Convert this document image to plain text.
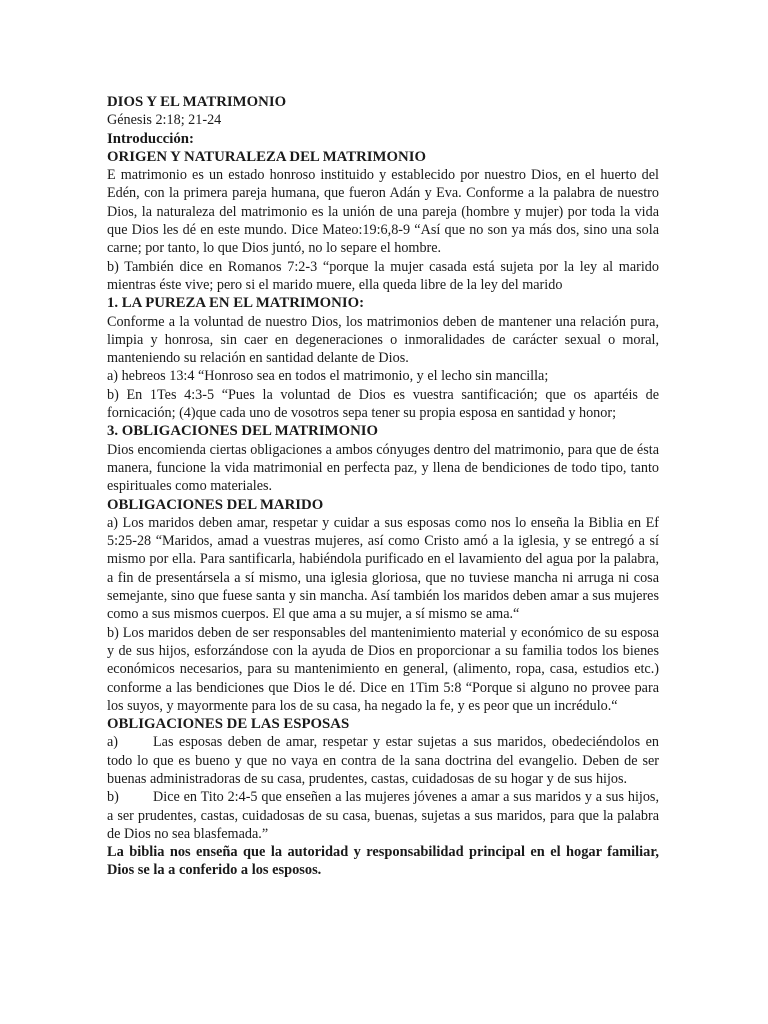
DIOS Y EL MATRIMONIO
Génesis 2:18; 21-24
Introducción:
ORIGEN Y NATURALEZA DEL MATRIMONIO

E matrimonio es un estado honroso instituido y establecido por nuestro Dios, en el huerto del Edén, con la primera pareja humana, que fueron Adán y Eva. Conforme a la palabra de nuestro Dios, la naturaleza del matrimonio es la unión de una pareja (hombre y mujer) por toda la vida que Dios les dé en este mundo. Dice Mateo:19:6,8-9 “Así que no son ya más dos, sino una sola carne; por tanto, lo que Dios juntó, no lo separe el hombre.

b) También dice en Romanos 7:2-3 “porque la mujer casada está sujeta por la ley al marido mientras éste vive; pero si el marido muere, ella queda libre de la ley del marido

1. LA PUREZA EN EL MATRIMONIO:

Conforme a la voluntad de nuestro Dios, los matrimonios deben de mantener una relación pura, limpia y honrosa, sin caer en degeneraciones o inmoralidades de carácter sexual o moral, manteniendo su relación en santidad delante de Dios.

a) hebreos 13:4 “Honroso sea en todos el matrimonio, y el lecho sin mancilla;

b) En 1Tes 4:3-5 “Pues la voluntad de Dios es vuestra santificación; que os apartéis de fornicación; (4)que cada uno de vosotros sepa tener su propia esposa en santidad y honor;

3. OBLIGACIONES DEL MATRIMONIO

Dios encomienda ciertas obligaciones a ambos cónyuges dentro del matrimonio, para que de ésta manera, funcione la vida matrimonial en perfecta paz, y llena de bendiciones de todo tipo, tanto espirituales como materiales.

OBLIGACIONES DEL MARIDO

a) Los maridos deben amar, respetar y cuidar a sus esposas como nos lo enseña la Biblia en Ef 5:25-28 “Maridos, amad a vuestras mujeres, así como Cristo amó a la iglesia, y se entregó a sí mismo por ella. Para santificarla, habiéndola purificado en el lavamiento del agua por la palabra, a fin de presentársela a sí mismo, una iglesia gloriosa, que no tuviese mancha ni arruga ni cosa semejante, sino que fuese santa y sin mancha. Así también los maridos deben amar a sus mujeres como a sus mismos cuerpos. El que ama a su mujer, a sí mismo se ama.“

b) Los maridos deben de ser responsables del mantenimiento material y económico de su esposa y de sus hijos, esforzándose con la ayuda de Dios en proporcionar a su familia todos los bienes económicos necesarios, para su mantenimiento en general, (alimento, ropa, casa, estudios etc.) conforme a las bendiciones que Dios le dé. Dice en 1Tim 5:8 “Porque si alguno no provee para los suyos, y mayormente para los de su casa, ha negado la fe, y es peor que un incrédulo.“

OBLIGACIONES DE LAS ESPOSAS

a) Las esposas deben de amar, respetar y estar sujetas a sus maridos, obedeciéndolos en todo lo que es bueno y que no vaya en contra de la sana doctrina del evangelio. Deben de ser buenas administradoras de su casa, prudentes, castas, cuidadosas de su hogar y de sus hijos.

b) Dice en Tito 2:4-5 que enseñen a las mujeres jóvenes a amar a sus maridos y a sus hijos, a ser prudentes, castas, cuidadosas de su casa, buenas, sujetas a sus maridos, para que la palabra de Dios no sea blasfemada.”

La biblia nos enseña que la autoridad y responsabilidad principal en el hogar familiar, Dios se la a conferido a los esposos.
